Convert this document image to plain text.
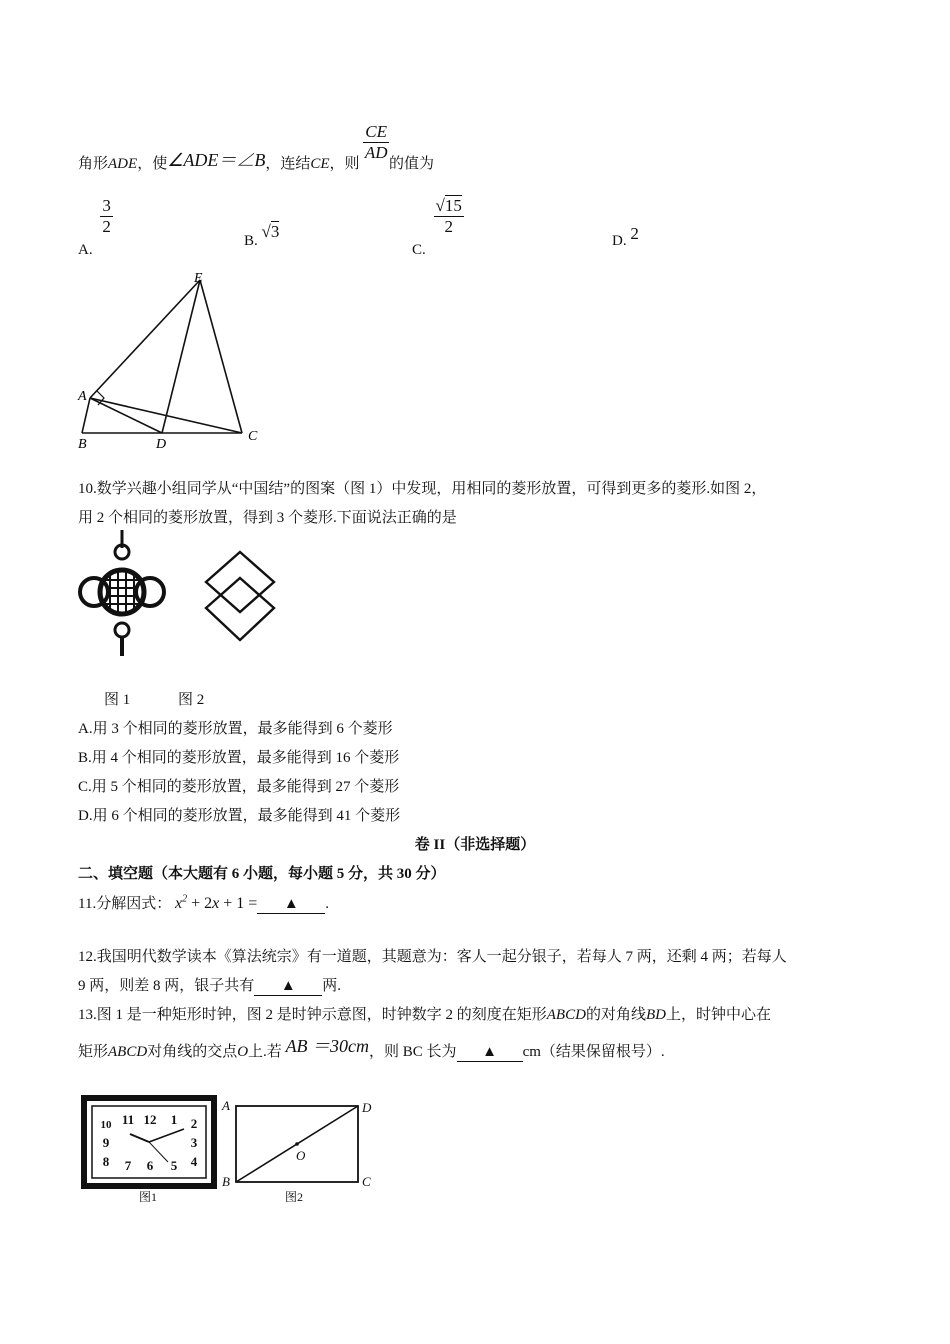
角形ADE，使∠ADE＝∠B，连结CE，则
$\frac{CE}{AD}$
的值为
A.
$\frac{3}{2}$
B. √3
C.
$\frac{√15}{2}$
D. 2
E
A
B	D
C
10.数学兴趣小组同学从“中国结”的图案（图 1）中发现，用相同的菱形放置，可得到更多的菱形.如图 2，
用 2 个相同的菱形放置，得到 3 个菱形.下面说法正确的是
图 1	图 2
A.用 3 个相同的菱形放置，最多能得到 6 个菱形
B.用 4 个相同的菱形放置，最多能得到 16 个菱形
C.用 5 个相同的菱形放置，最多能得到 27 个菱形
D.用 6 个相同的菱形放置，最多能得到 41 个菱形
卷 II（非选择题）
二、填空题（本大题有 6 小题，每小题 5 分，共 30 分）
11.分解因式： $x^2 + 2x + 1$ = ▲ .
12.我国明代数学读本《算法统宗》有一道题，其题意为：客人一起分银子，若每人 7 两，还剩 4 两；若每人
9 两，则差 8 两，银子共有 ▲ 两.
13.图 1 是一种矩形时钟，图 2 是时钟示意图，时钟数字 2 的刻度在矩形ABCD的对角线BD上，时钟中心在
矩形ABCD对角线的交点O上.若 AB ＝30cm，则 BC 长为 ▲ cm（结果保留根号）.
11 12 1
10	2
9	3
8 7 6 5 4
图1
A
B	C
D
O
图2
